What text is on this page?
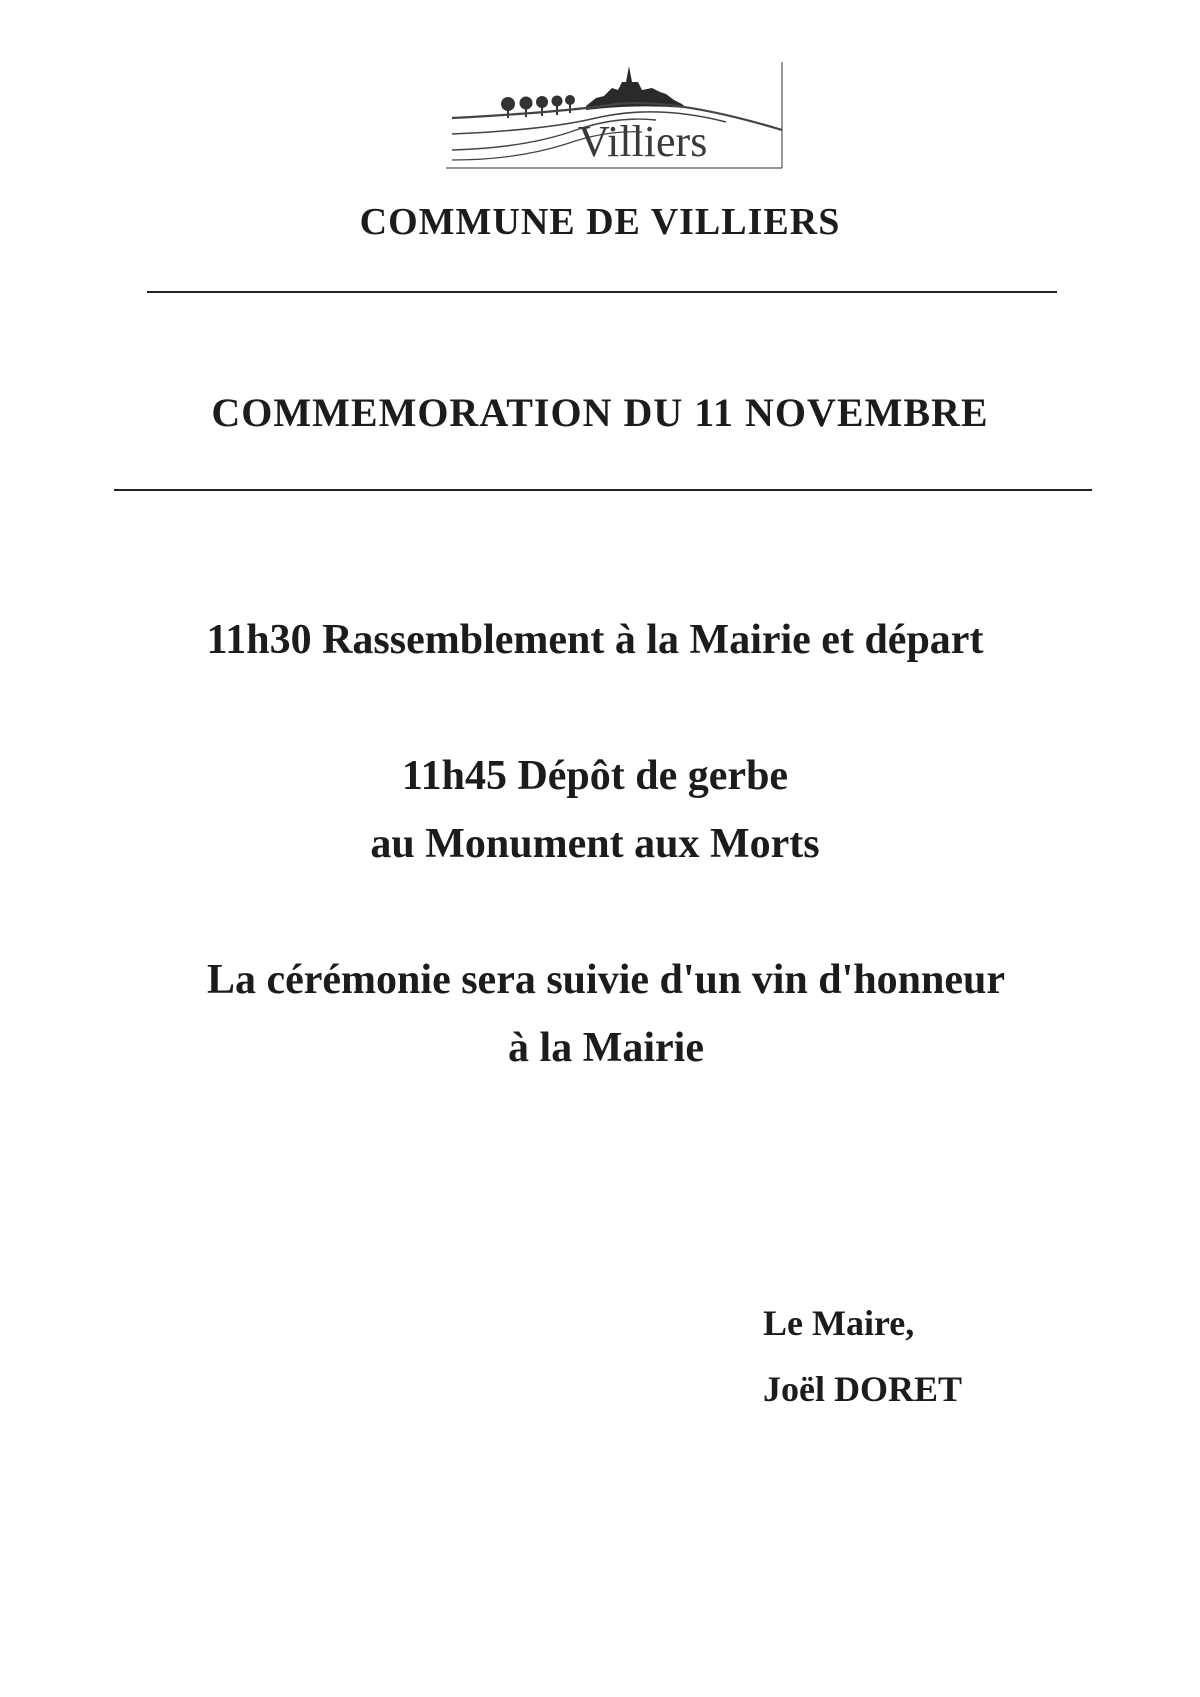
Villiers
COMMUNE DE VILLIERS
COMMEMORATION DU 11 NOVEMBRE

11h30 Rassemblement à la Mairie et départ

11h45 Dépôt de gerbe

au Monument aux Morts

La cérémonie sera suivie d'un vin d'honneur

à la Mairie

Le Maire,
Joël DORET
